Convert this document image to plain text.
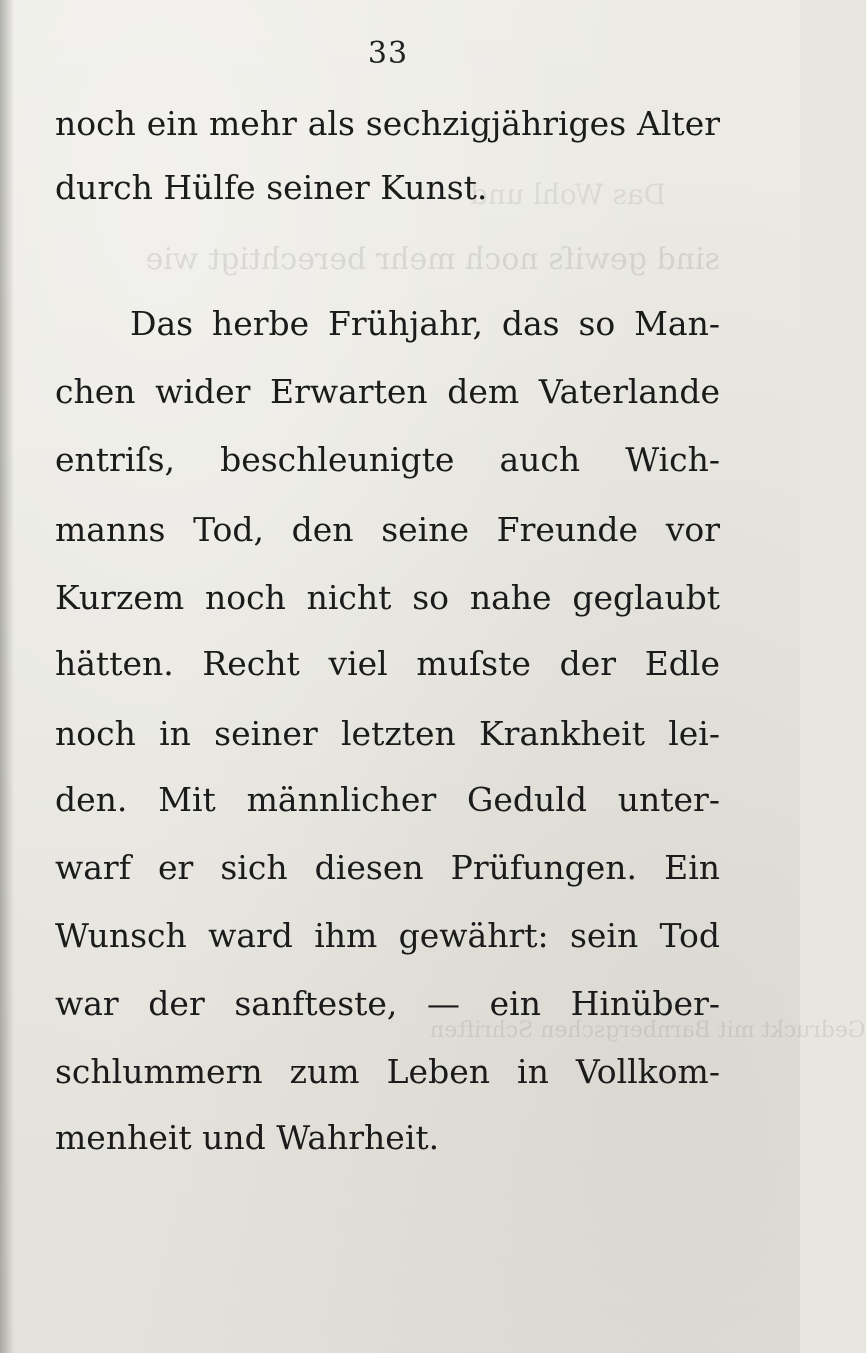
sind gewiſs noch mehr berechtigt wie
Das Wohl und
Gedruckt mit Barnbergschen Schriften
33
noch ein mehr als sechzigjähriges Alter
durch Hülfe seiner Kunst.
Das herbe Frühjahr, das so Man-
chen wider Erwarten dem Vaterlande
entriſs, beschleunigte auch Wich-
manns Tod, den seine Freunde vor
Kurzem noch nicht so nahe geglaubt
hätten. Recht viel muſste der Edle
noch in seiner letzten Krankheit lei-
den. Mit männlicher Geduld unter-
warf er sich diesen Prüfungen. Ein
Wunsch ward ihm gewährt: sein Tod
war der sanfteste, — ein Hinüber-
schlummern zum Leben in Vollkom-
menheit und Wahrheit.
